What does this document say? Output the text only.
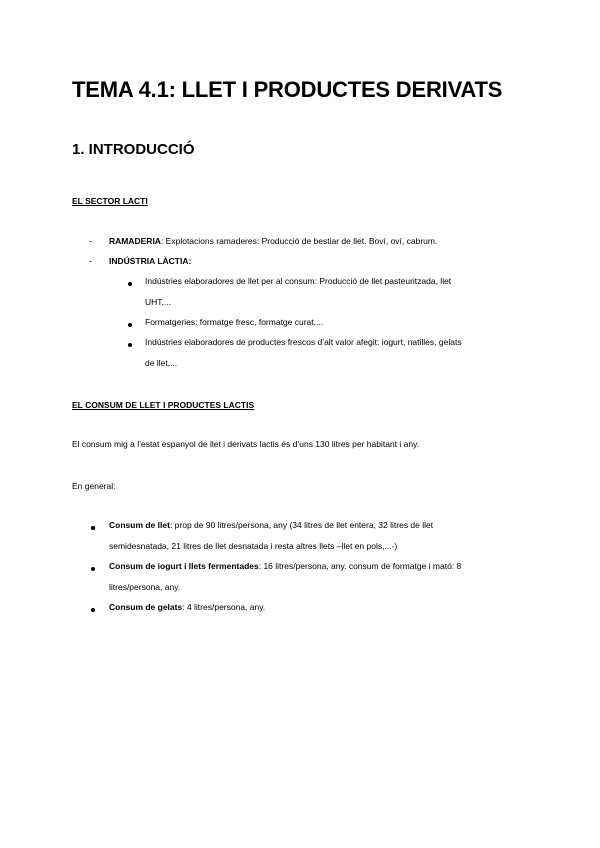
TEMA 4.1: LLET I PRODUCTES DERIVATS
1. INTRODUCCIÓ
EL SECTOR LACTI
- RAMADERIA: Explotacions ramaderes: Producció de bestiar de llet. Boví, oví, cabrum.
- INDÚSTRIA LÀCTIA:
Indústries elaboradores de llet per al consum: Producció de llet pasteuritzada, llet
UHT,...
Formatgeries: formatge fresc, formatge curat,...
Indústries elaboradores de productes frescos d’alt valor afegit: iogurt, natilles, gelats
de llet,...
EL CONSUM DE LLET I PRODUCTES LACTIS
El consum mig a l’estat espanyol de llet i derivats lactis és d’uns 130 litres per habitant i any.
En general:
Consum de llet: prop de 90 litres/persona, any (34 litres de llet entera, 32 litres de llet
semidesnatada, 21 litres de llet desnatada i resta altres llets –llet en pols,...-)
Consum de iogurt i llets fermentades: 16 litres/persona, any. consum de formatge i mató: 8
litres/persona, any.
Consum de gelats: 4 litres/persona, any.
